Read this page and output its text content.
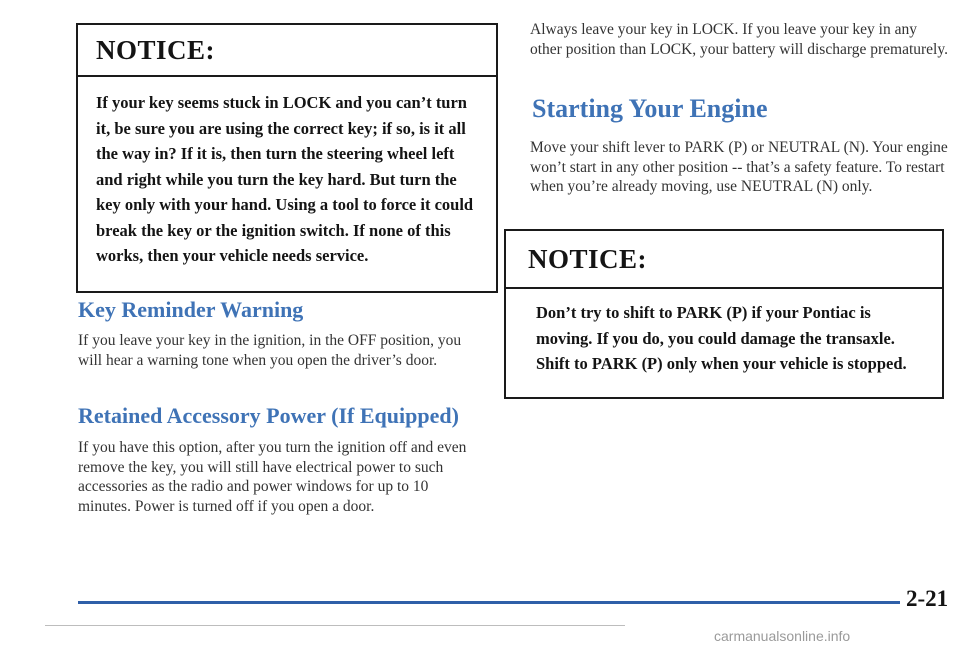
NOTICE:
If your key seems stuck in LOCK and you can’t turn it, be sure you are using the correct key; if so, is it all the way in? If it is, then turn the steering wheel left and right while you turn the key hard. But turn the key only with your hand. Using a tool to force it could break the key or the ignition switch. If none of this works, then your vehicle needs service.
Key Reminder Warning

If you leave your key in the ignition, in the OFF position, you will hear a warning tone when you open the driver’s door.

Retained Accessory Power (If Equipped)

If you have this option, after you turn the ignition off and even remove the key, you will still have electrical power to such accessories as the radio and power windows for up to 10 minutes. Power is turned off if you open a door.

Always leave your key in LOCK. If you leave your key in any other position than LOCK, your battery will discharge prematurely.

Starting Your Engine

Move your shift lever to PARK (P) or NEUTRAL (N). Your engine won’t start in any other position -- that’s a safety feature. To restart when you’re already moving, use NEUTRAL (N) only.

NOTICE:
Don’t try to shift to PARK (P) if your Pontiac is moving. If you do, you could damage the transaxle. Shift to PARK (P) only when your vehicle is stopped.
2-21
carmanualsonline.info
